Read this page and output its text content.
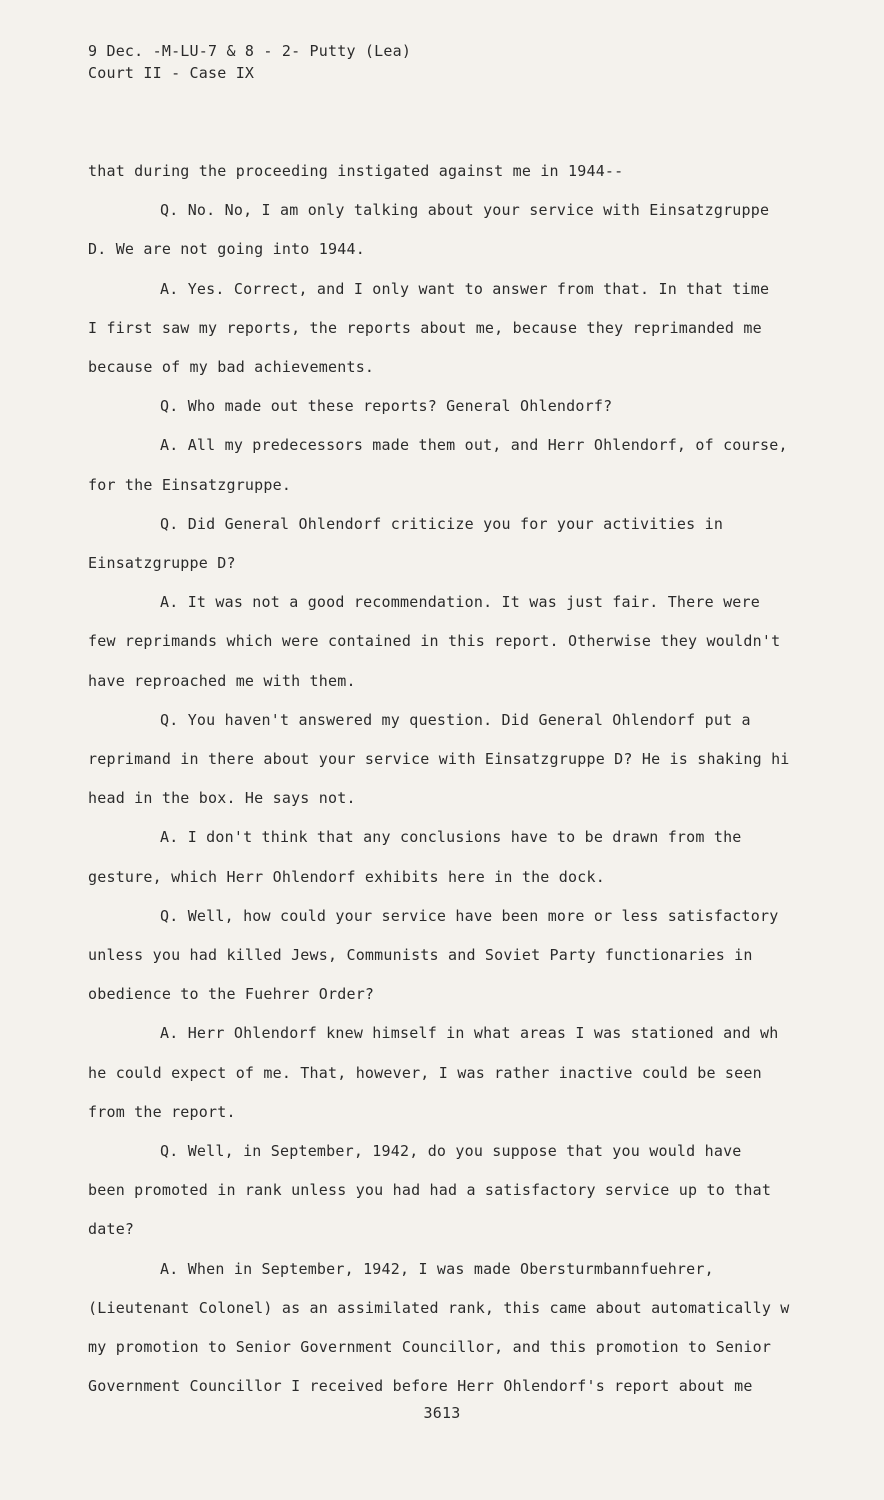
9 Dec. -M-LU-7 & 8 - 2- Putty (Lea)
Court II - Case IX
that during the proceeding instigated against me in 1944--
Q. No. No, I am only talking about your service with Einsatzgruppe
D. We are not going into 1944.
A. Yes. Correct, and I only want to answer from that. In that time
I first saw my reports, the reports about me, because they reprimanded me
because of my bad achievements.
Q. Who made out these reports? General Ohlendorf?
A. All my predecessors made them out, and Herr Ohlendorf, of course,
for the Einsatzgruppe.
Q. Did General Ohlendorf criticize you for your activities in
Einsatzgruppe D?
A. It was not a good recommendation. It was just fair. There were
few reprimands which were contained in this report. Otherwise they wouldn't
have reproached me with them.
Q. You haven't answered my question. Did General Ohlendorf put a
reprimand in there about your service with Einsatzgruppe D? He is shaking hi
head in the box. He says not.
A. I don't think that any conclusions have to be drawn from the
gesture, which Herr Ohlendorf exhibits here in the dock.
Q. Well, how could your service have been more or less satisfactory
unless you had killed Jews, Communists and Soviet Party functionaries in
obedience to the Fuehrer Order?
A. Herr Ohlendorf knew himself in what areas I was stationed and wh
he could expect of me. That, however, I was rather inactive could be seen
from the report.
Q. Well, in September, 1942, do you suppose that you would have
been promoted in rank unless you had had a satisfactory service up to that
date?
A. When in September, 1942, I was made Obersturmbannfuehrer,
(Lieutenant Colonel) as an assimilated rank, this came about automatically w
my promotion to Senior Government Councillor, and this promotion to Senior
Government Councillor I received before Herr Ohlendorf's report about me
3613
